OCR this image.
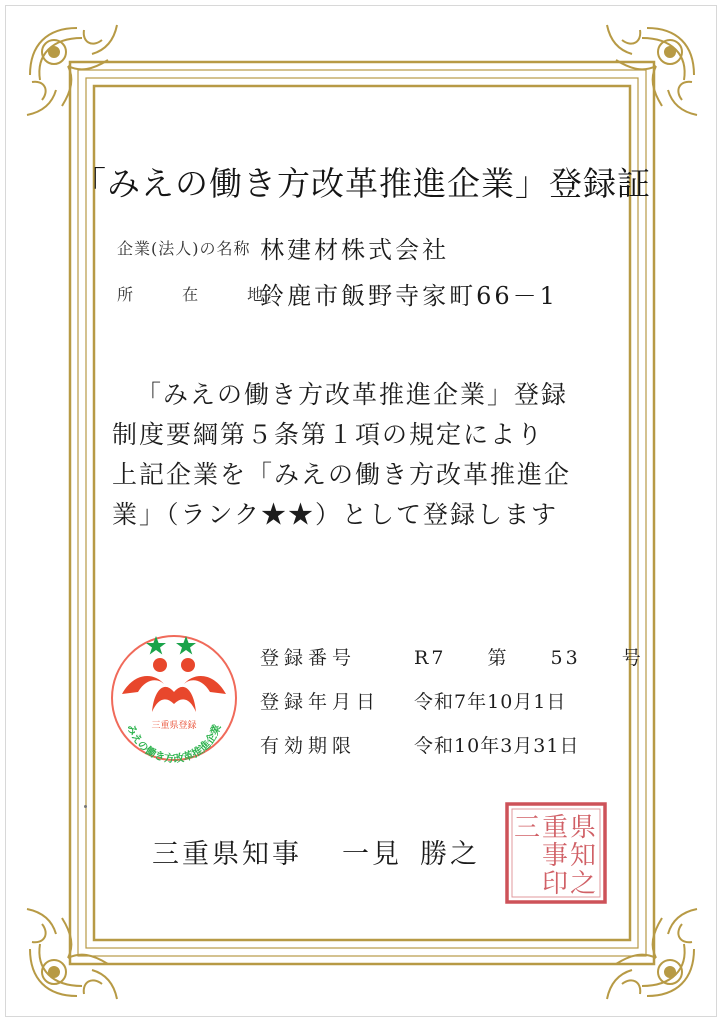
「みえの働き方改革推進企業」登録証
企業(法人)の名称 林建材株式会社
所 在 地 鈴鹿市飯野寺家町66－1
「みえの働き方改革推進企業」登録
制度要綱第５条第１項の規定により
上記企業を「みえの働き方改革推進企
業」（ランク★★）として登録します
三重県登録
みえの働き方改革推進企業
登録番号	R7 第 53 号
登録年月日 令和7年10月1日
有効期限	令和10年3月31日
三重県知事 一見 勝之
県
知
之
重
事
印
三
